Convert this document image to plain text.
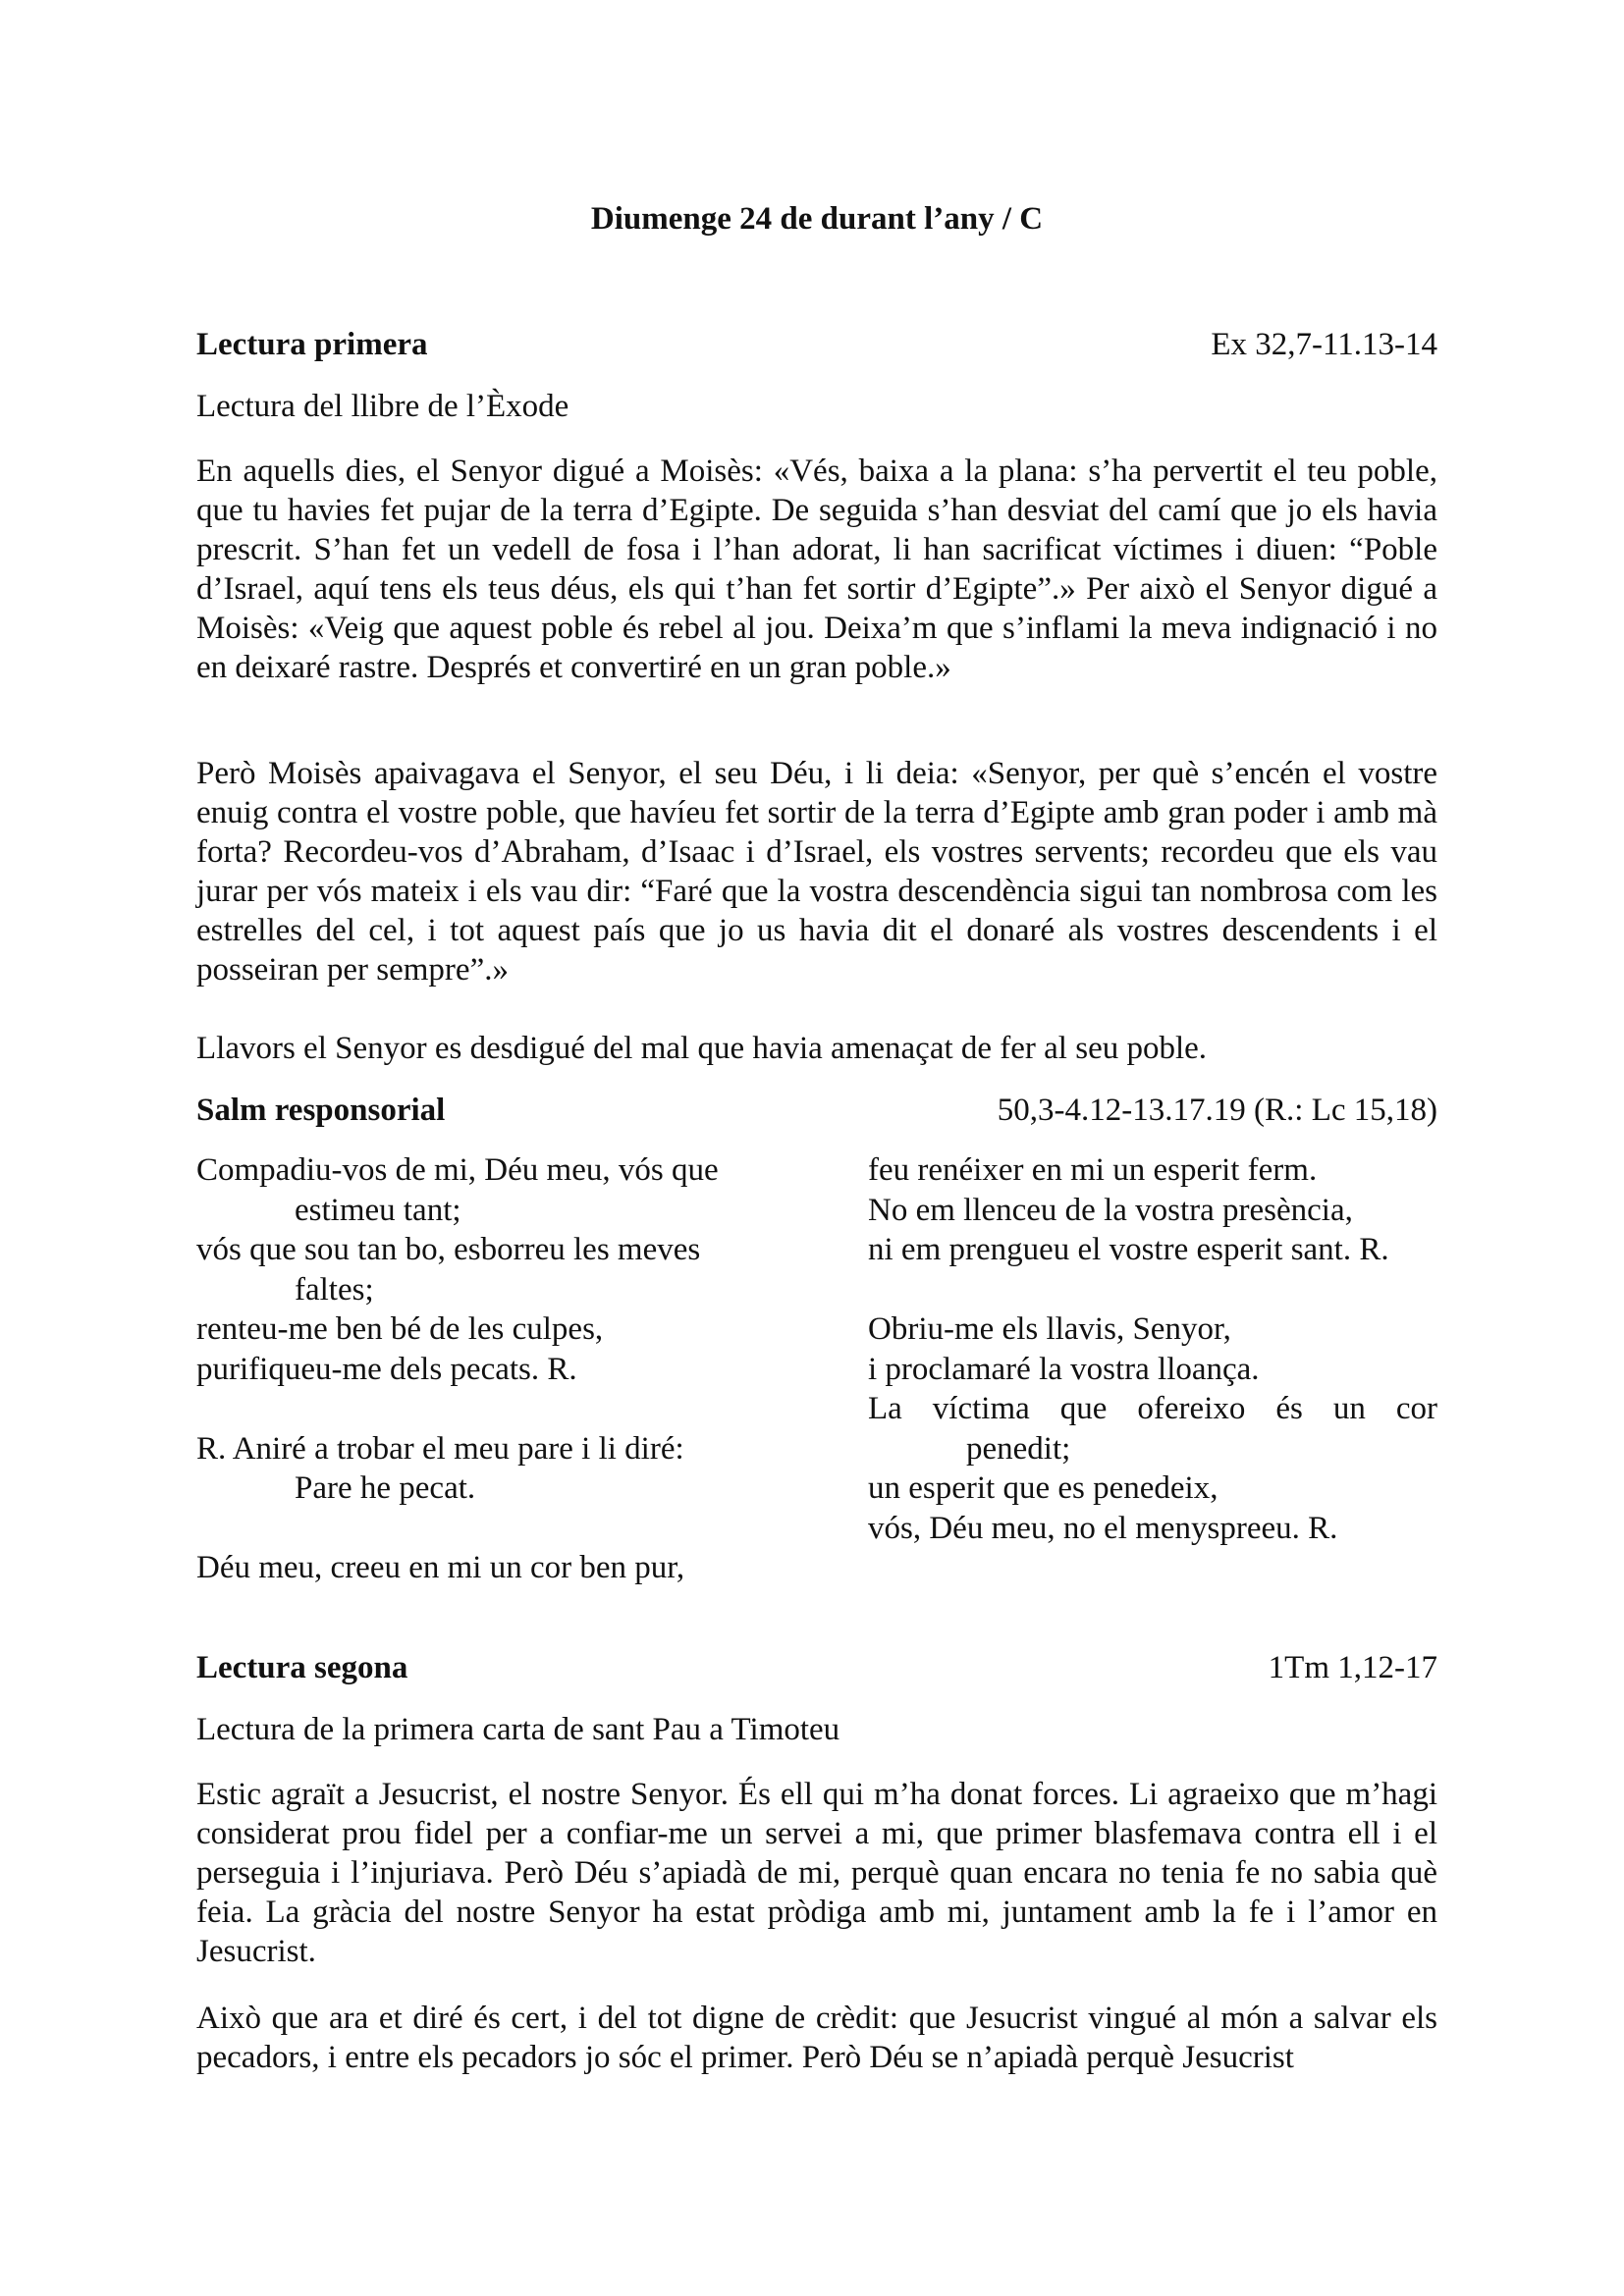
Diumenge 24 de durant l’any / C
Lectura primera	Ex 32,7-11.13-14
Lectura del llibre de l’Èxode
En aquells dies, el Senyor digué a Moisès: «Vés, baixa a la plana: s’ha pervertit el teu poble, que tu havies fet pujar de la terra d’Egipte. De seguida s’han desviat del camí que jo els havia prescrit. S’han fet un vedell de fosa i l’han adorat, li han sacrificat víctimes i diuen: “Poble d’Israel, aquí tens els teus déus, els qui t’han fet sortir d’Egipte”.» Per això el Senyor digué a Moisès: «Veig que aquest poble és rebel al jou. Deixa’m que s’inflami la meva indignació i no en deixaré rastre. Després et convertiré en un gran poble.»
Però Moisès apaivagava el Senyor, el seu Déu, i li deia: «Senyor, per què s’encén el vostre enuig contra el vostre poble, que havíeu fet sortir de la terra d’Egipte amb gran poder i amb mà forta? Recordeu-vos d’Abraham, d’Isaac i d’Israel, els vostres servents; recordeu que els vau jurar per vós mateix i els vau dir: “Faré que la vostra descendència sigui tan nombrosa com les estrelles del cel, i tot aquest país que jo us havia dit el donaré als vostres descendents i el posseiran per sempre”.»
Llavors el Senyor es desdigué del mal que havia amenaçat de fer al seu poble.
Salm responsorial	50,3-4.12-13.17.19 (R.: Lc 15,18)
Compadiu-vos de mi, Déu meu, vós que
estimeu tant;
vós que sou tan bo, esborreu les meves
faltes;
renteu-me ben bé de les culpes,
purifiqueu-me dels pecats. R.
R. Aniré a trobar el meu pare i li diré:
Pare he pecat.
Déu meu, creeu en mi un cor ben pur,
feu renéixer en mi un esperit ferm.
No em llenceu de la vostra presència,
ni em prengueu el vostre esperit sant. R.
Obriu-me els llavis, Senyor,
i proclamaré la vostra lloança.
La víctima que ofereixo és un cor
penedit;
un esperit que es penedeix,
vós, Déu meu, no el menyspreeu. R.
Lectura segona	1Tm 1,12-17
Lectura de la primera carta de sant Pau a Timoteu
Estic agraït a Jesucrist, el nostre Senyor. És ell qui m’ha donat forces. Li agraeixo que m’hagi considerat prou fidel per a confiar-me un servei a mi, que primer blasfemava contra ell i el perseguia i l’injuriava. Però Déu s’apiadà de mi, perquè quan encara no tenia fe no sabia què feia. La gràcia del nostre Senyor ha estat pròdiga amb mi, juntament amb la fe i l’amor en Jesucrist.
Això que ara et diré és cert, i del tot digne de crèdit: que Jesucrist vingué al món a salvar els pecadors, i entre els pecadors jo sóc el primer. Però Déu se n’apiadà perquè Jesucrist
